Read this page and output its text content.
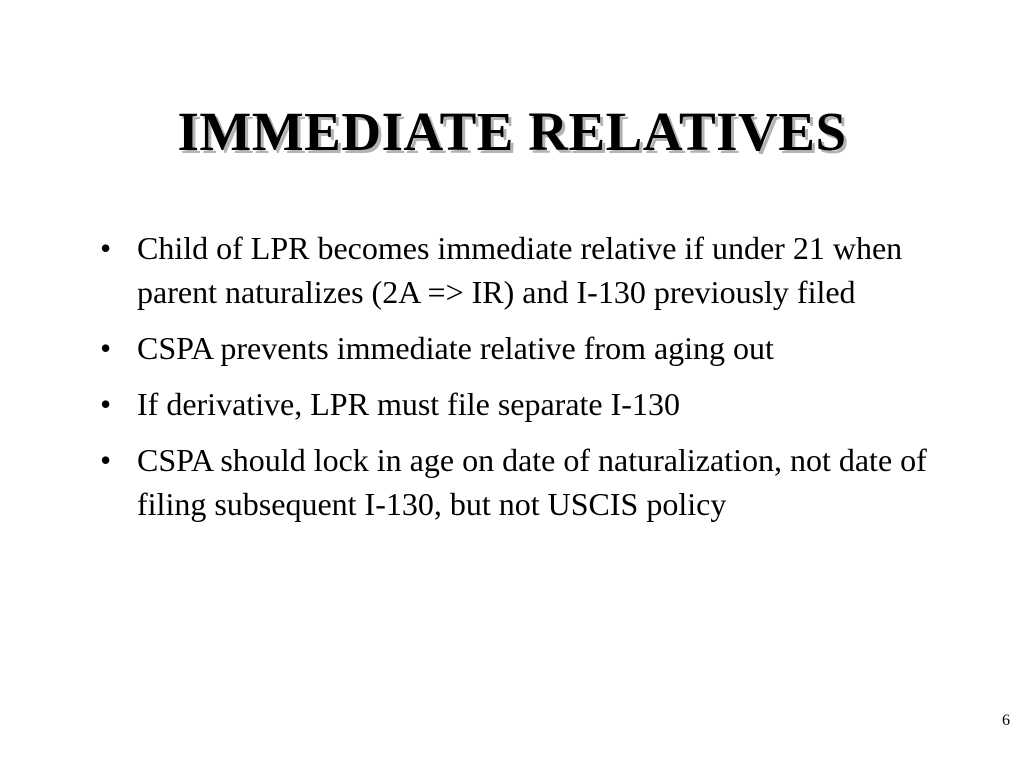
IMMEDIATE RELATIVES
• Child of LPR becomes immediate relative if under 21 when parent naturalizes (2A => IR) and I-130 previously filed
• CSPA prevents immediate relative from aging out
• If derivative, LPR must file separate I-130
• CSPA should lock in age on date of naturalization, not date of filing subsequent I-130, but not USCIS policy
6
